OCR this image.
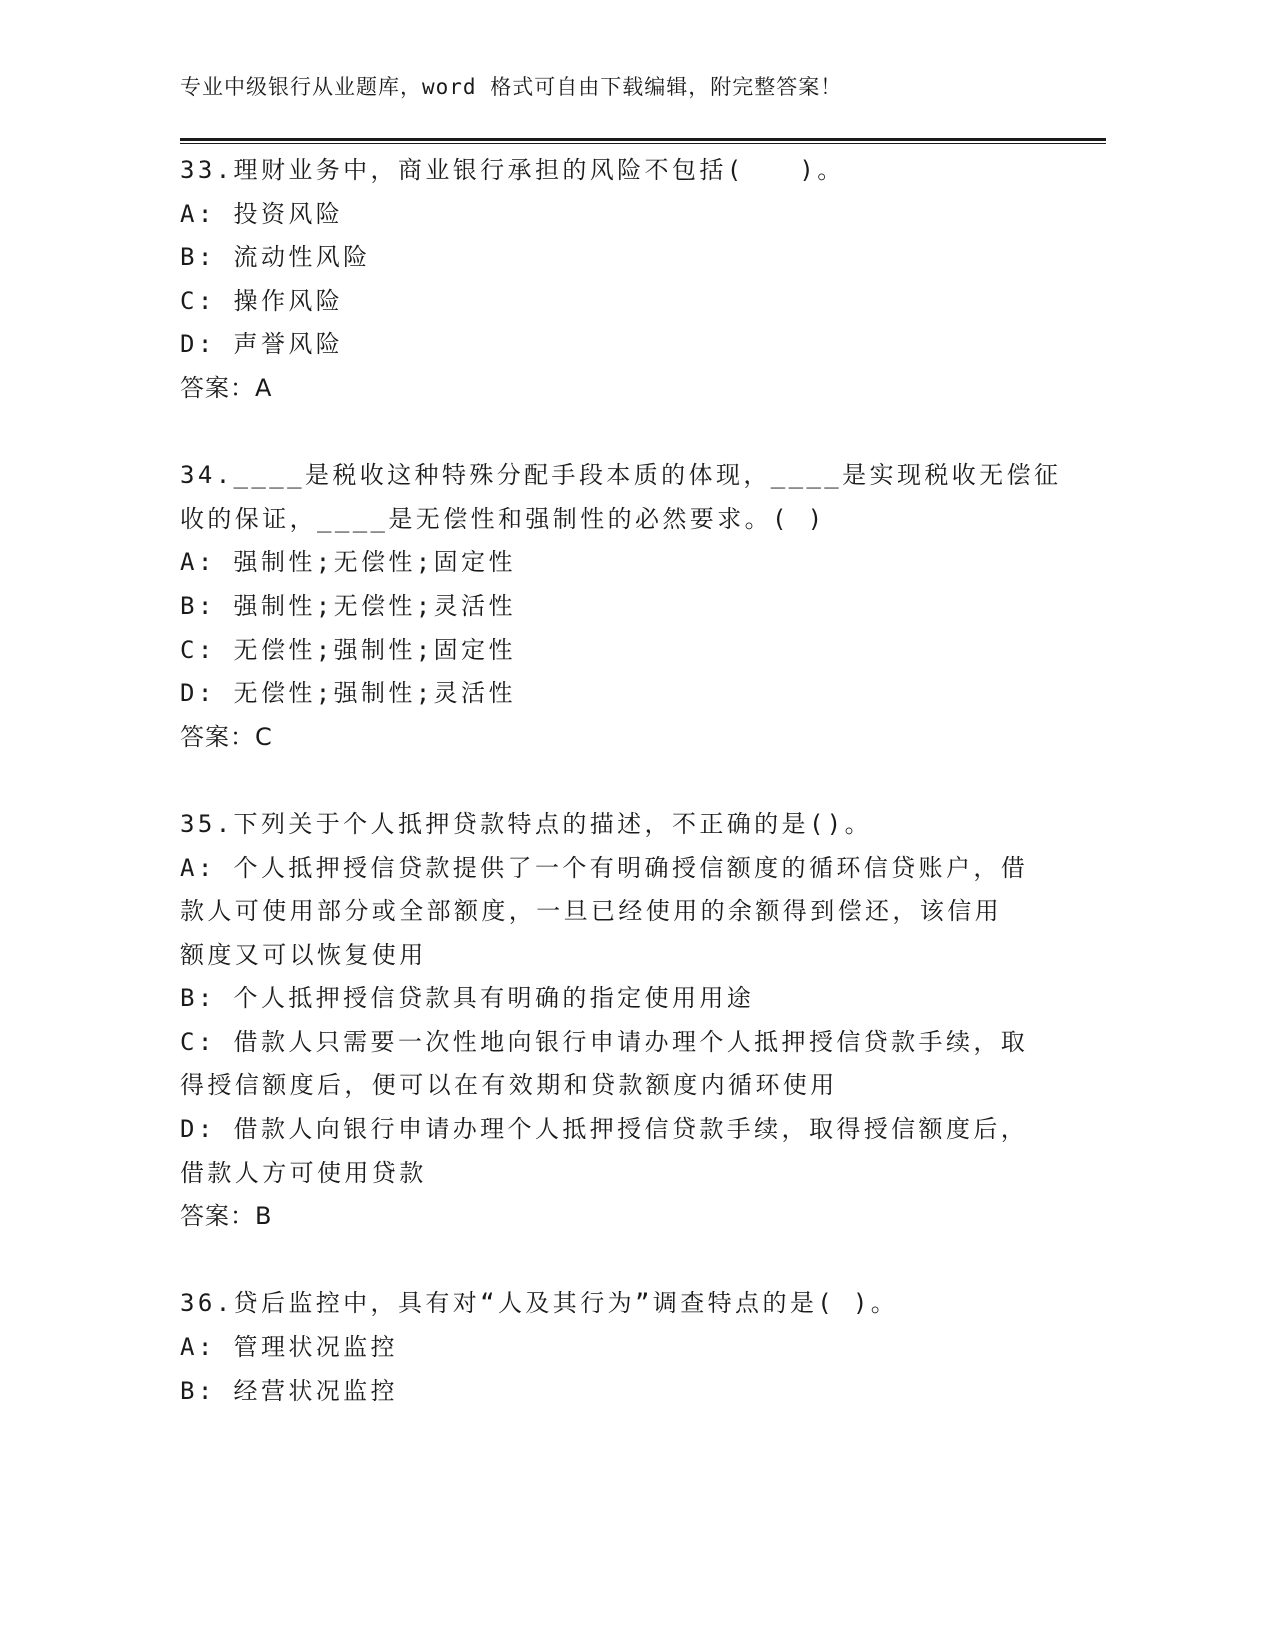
专业中级银行从业题库，word 格式可自由下载编辑，附完整答案！
33.理财业务中，商业银行承担的风险不包括(　　)。
A: 投资风险
B: 流动性风险
C: 操作风险
D: 声誉风险
答案：A
34.____是税收这种特殊分配手段本质的体现，____是实现税收无偿征
收的保证，____是无偿性和强制性的必然要求。( )
A: 强制性;无偿性;固定性
B: 强制性;无偿性;灵活性
C: 无偿性;强制性;固定性
D: 无偿性;强制性;灵活性
答案：C
35.下列关于个人抵押贷款特点的描述，不正确的是()。
A: 个人抵押授信贷款提供了一个有明确授信额度的循环信贷账户，借
款人可使用部分或全部额度，一旦已经使用的余额得到偿还，该信用
额度又可以恢复使用
B: 个人抵押授信贷款具有明确的指定使用用途
C: 借款人只需要一次性地向银行申请办理个人抵押授信贷款手续，取
得授信额度后，便可以在有效期和贷款额度内循环使用
D: 借款人向银行申请办理个人抵押授信贷款手续，取得授信额度后，
借款人方可使用贷款
答案：B
36.贷后监控中，具有对“人及其行为”调查特点的是( )。
A: 管理状况监控
B: 经营状况监控
